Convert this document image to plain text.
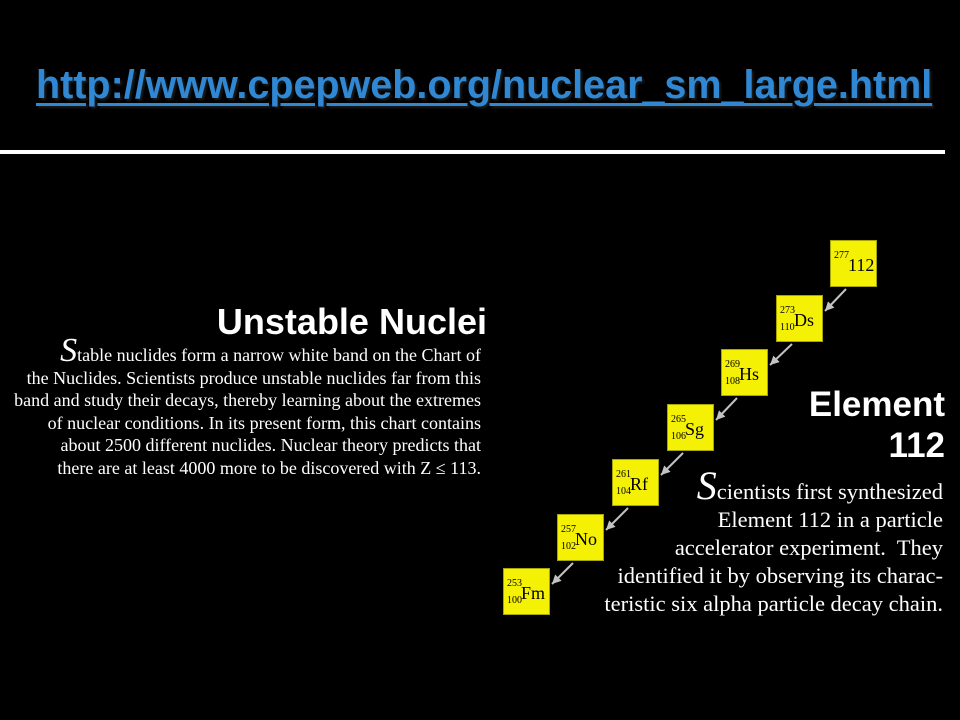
http://www.cpepweb.org/nuclear_sm_large.html
Unstable Nuclei
Stable nuclides form a narrow white band on the Chart of
the Nuclides. Scientists produce unstable nuclides far from this
band and study their decays, thereby learning about the extremes
of nuclear conditions. In its present form, this chart contains
about 2500 different nuclides. Nuclear theory predicts that
there are at least 4000 more to be discovered with Z ≤ 113.
277 112
273
110 Ds
269
108 Hs
265
106 Sg
261
104 Rf
257
102 No
253
100 Fm
Element
112
Scientists first synthesized
Element 112 in a particle
accelerator experiment.  They
identified it by observing its charac-
teristic six alpha particle decay chain.
